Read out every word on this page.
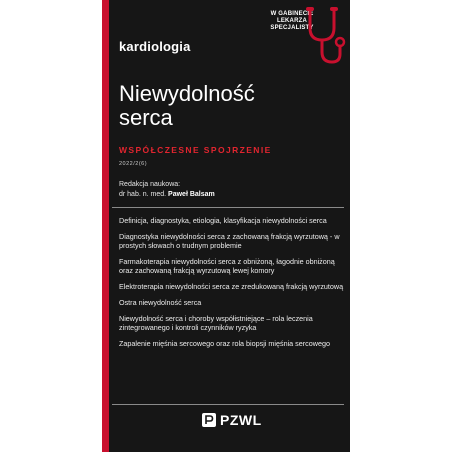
kardiologia
W GABINECIE
LEKARZA
SPECJALISTY
Niewydolność
serca
WSPÓŁCZESNE SPOJRZENIE
2022/2(6)
Redakcja naukowa:
dr hab. n. med. Paweł Balsam
Definicja, diagnostyka, etiologia, klasyfikacja niewydolności serca
Diagnostyka niewydolności serca z zachowaną frakcją wyrzutową - w prostych słowach o trudnym problemie
Farmakoterapia niewydolności serca z obniżoną, łagodnie obniżoną oraz zachowaną frakcją wyrzutową lewej komory
Elektroterapia niewydolności serca ze zredukowaną frakcją wyrzutową
Ostra niewydolność serca
Niewydolność serca i choroby współistniejące – rola leczenia zintegrowanego i kontroli czynników ryzyka
Zapalenie mięśnia sercowego oraz rola biopsji mięśnia sercowego
PZWL
